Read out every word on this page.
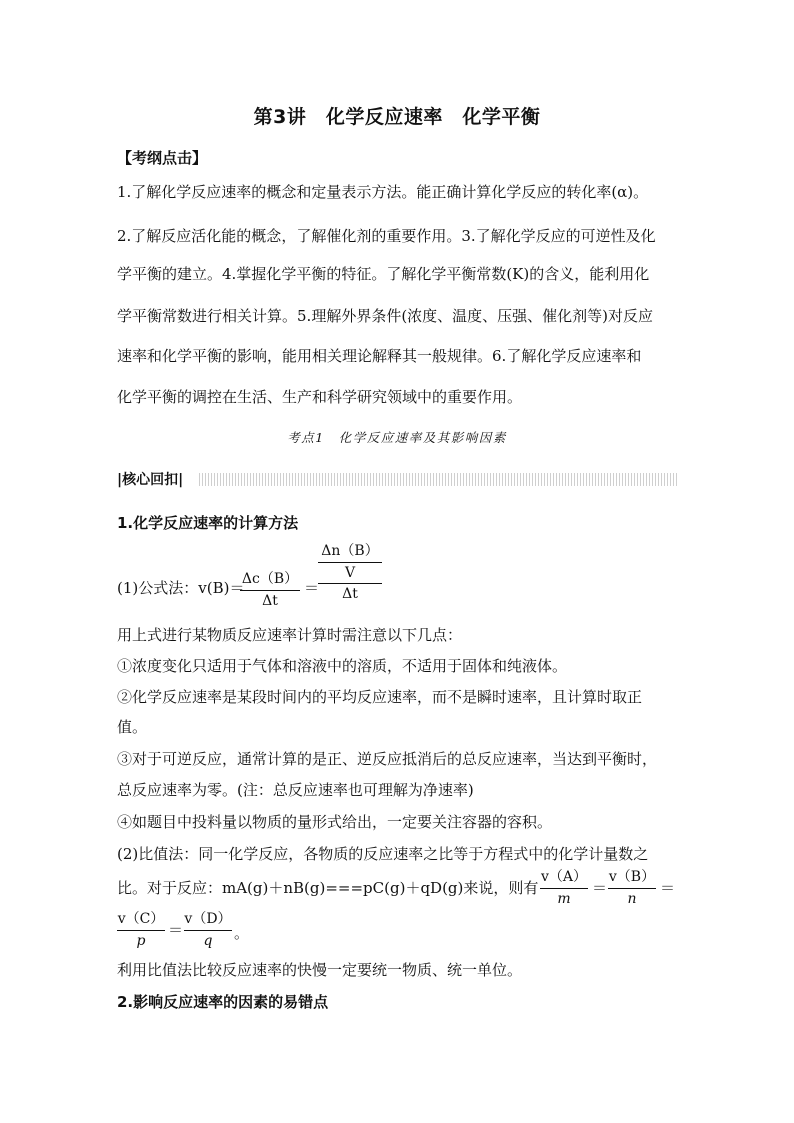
第3讲　化学反应速率　化学平衡
【考纲点击】
1.了解化学反应速率的概念和定量表示方法。能正确计算化学反应的转化率(α)。
2.了解反应活化能的概念，了解催化剂的重要作用。3.了解化学反应的可逆性及化
学平衡的建立。4.掌握化学平衡的特征。了解化学平衡常数(K)的含义，能利用化
学平衡常数进行相关计算。5.理解外界条件(浓度、温度、压强、催化剂等)对反应
速率和化学平衡的影响，能用相关理论解释其一般规律。6.了解化学反应速率和
化学平衡的调控在生活、生产和科学研究领域中的重要作用。
考点1　化学反应速率及其影响因素
|核心回扣|
1.化学反应速率的计算方法
(1)公式法：v(B)＝
Δc（B）
Δt
＝
Δn（B）
V
Δt
用上式进行某物质反应速率计算时需注意以下几点：
①浓度变化只适用于气体和溶液中的溶质，不适用于固体和纯液体。
②化学反应速率是某段时间内的平均反应速率，而不是瞬时速率，且计算时取正
值。
③对于可逆反应，通常计算的是正、逆反应抵消后的总反应速率，当达到平衡时，
总反应速率为零。(注：总反应速率也可理解为净速率)
④如题目中投料量以物质的量形式给出，一定要关注容器的容积。
(2)比值法：同一化学反应，各物质的反应速率之比等于方程式中的化学计量数之
比。对于反应：mA(g)＋nB(g)===pC(g)＋qD(g)来说，则有
v（A）
m
＝
v（B）
n
＝
v（C）
p
＝
v（D）
q	。
利用比值法比较反应速率的快慢一定要统一物质、统一单位。
2.影响反应速率的因素的易错点
